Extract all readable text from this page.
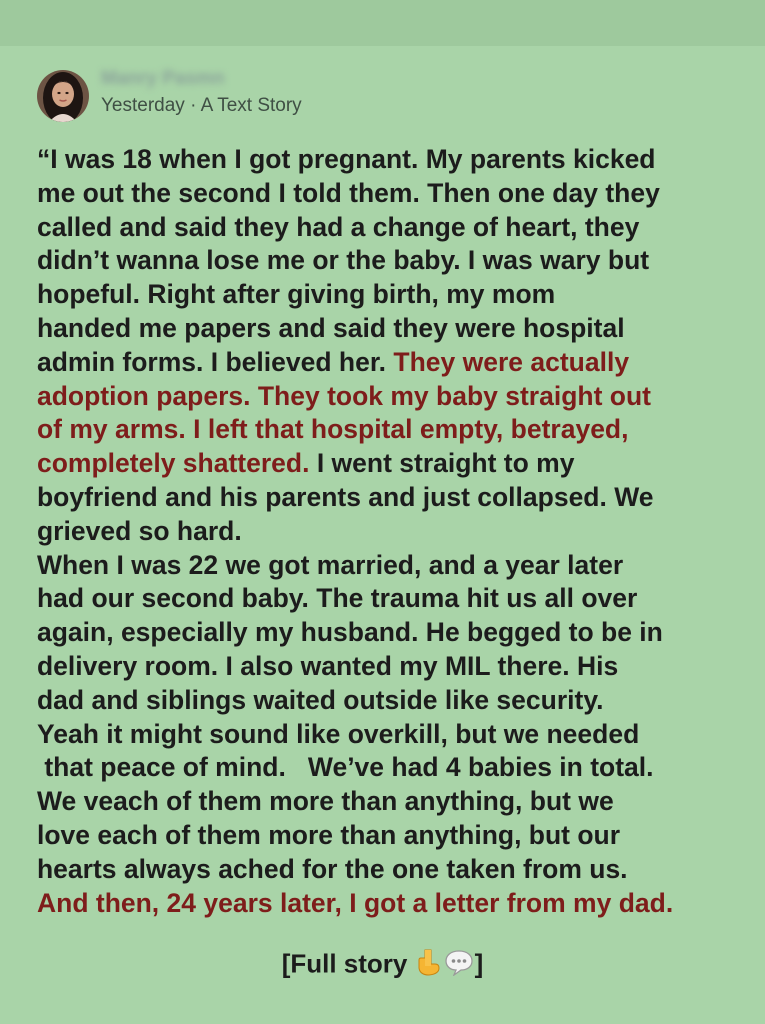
Manry Pasmn
Yesterday · A Text Story
“I was 18 when I got pregnant. My parents kicked
me out the second I told them. Then one day they
called and said they had a change of heart, they
didn’t wanna lose me or the baby. I was wary but
hopeful. Right after giving birth, my mom
handed me papers and said they were hospital
admin forms. I believed her. They were actually
adoption papers. They took my baby straight out
of my arms. I left that hospital empty, betrayed,
completely shattered. I went straight to my
boyfriend and his parents and just collapsed. We
grieved so hard.
When I was 22 we got married, and a year later
had our second baby. The trauma hit us all over
again, especially my husband. He begged to be in
delivery room. I also wanted my MIL there. His
dad and siblings waited outside like security.
Yeah it might sound like overkill, but we needed
that peace of mind.   We’ve had 4 babies in total.
We veach of them more than anything, but we
love each of them more than anything, but our
hearts always ached for the one taken from us.
And then, 24 years later, I got a letter from my dad.
[Full story ]
